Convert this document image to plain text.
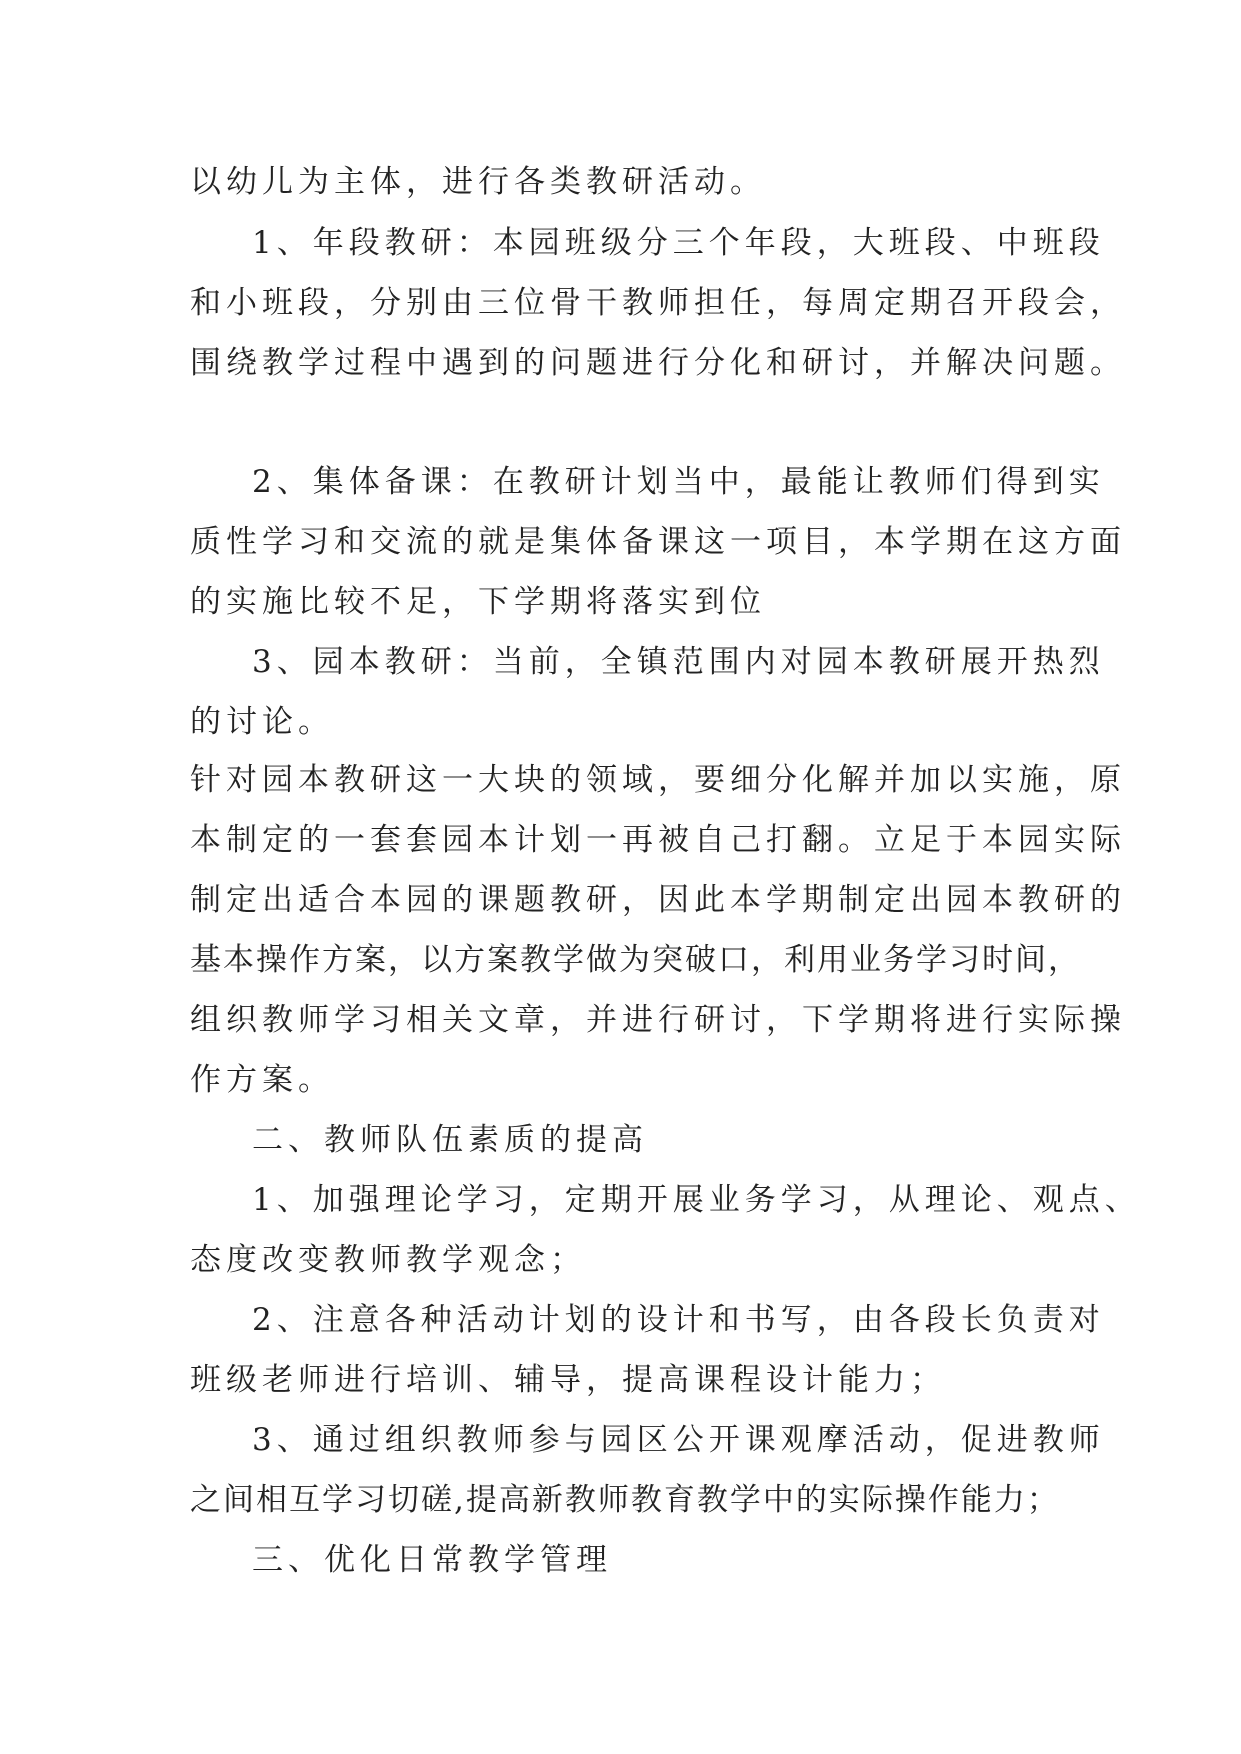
以幼儿为主体，进行各类教研活动。
1、年段教研：本园班级分三个年段，大班段、中班段
和小班段，分别由三位骨干教师担任，每周定期召开段会，
围绕教学过程中遇到的问题进行分化和研讨，并解决问题。
2、集体备课：在教研计划当中，最能让教师们得到实
质性学习和交流的就是集体备课这一项目，本学期在这方面
的实施比较不足，下学期将落实到位
3、园本教研：当前，全镇范围内对园本教研展开热烈
的讨论。
针对园本教研这一大块的领域，要细分化解并加以实施，原
本制定的一套套园本计划一再被自己打翻。立足于本园实际
制定出适合本园的课题教研，因此本学期制定出园本教研的
基本操作方案，以方案教学做为突破口，利用业务学习时间，
组织教师学习相关文章，并进行研讨，下学期将进行实际操
作方案。
二、教师队伍素质的提高
1、加强理论学习，定期开展业务学习，从理论、观点、
态度改变教师教学观念；
2、注意各种活动计划的设计和书写，由各段长负责对
班级老师进行培训、辅导，提高课程设计能力；
3、通过组织教师参与园区公开课观摩活动，促进教师
之间相互学习切磋,提高新教师教育教学中的实际操作能力；
三、优化日常教学管理
